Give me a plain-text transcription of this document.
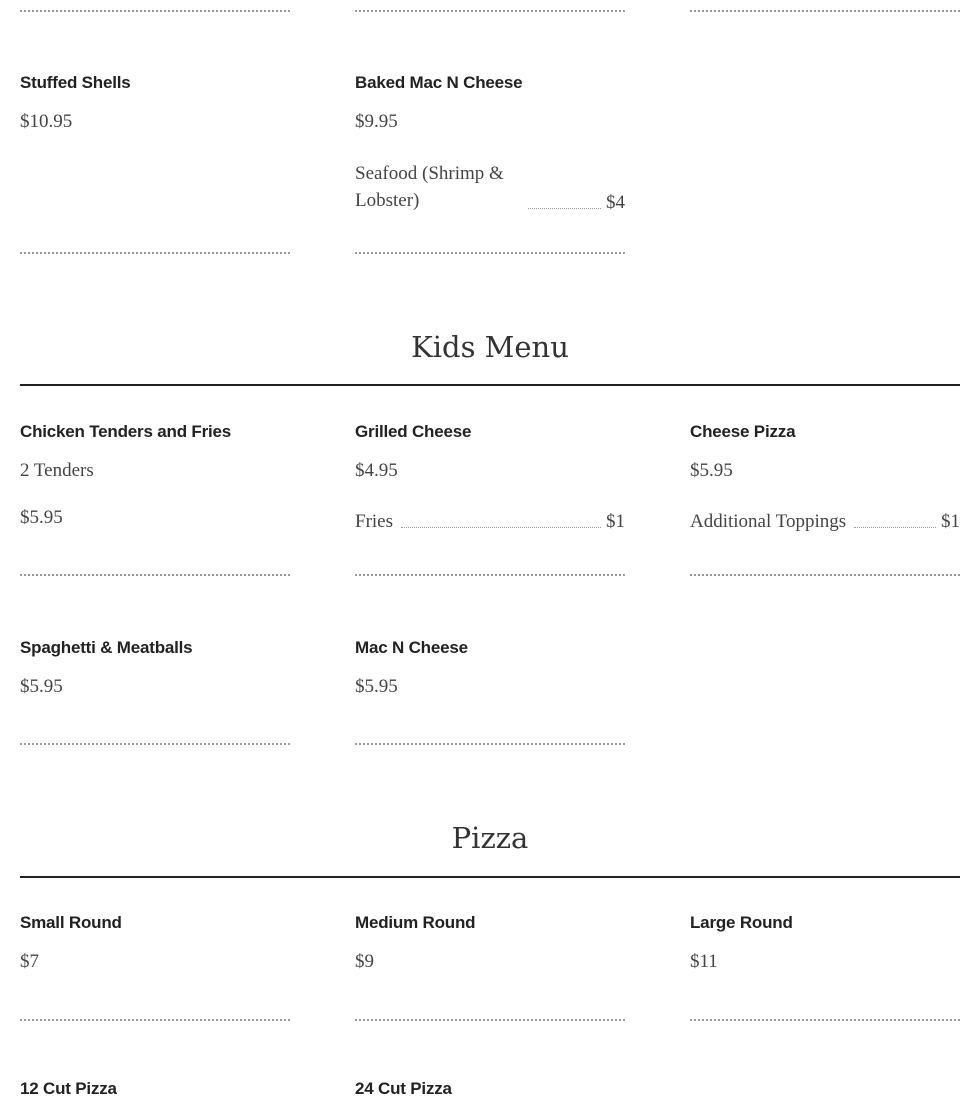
Stuffed Shells
$10.95
Baked Mac N Cheese
$9.95
Seafood (Shrimp & Lobster)	$4
Kids Menu
Chicken Tenders and Fries
2 Tenders
$5.95
Grilled Cheese
$4.95
Fries	$1
Cheese Pizza
$5.95
Additional Toppings	$1
Spaghetti & Meatballs
$5.95
Mac N Cheese
$5.95
Pizza
Small Round
$7
Medium Round
$9
Large Round
$11
12 Cut Pizza	24 Cut Pizza
